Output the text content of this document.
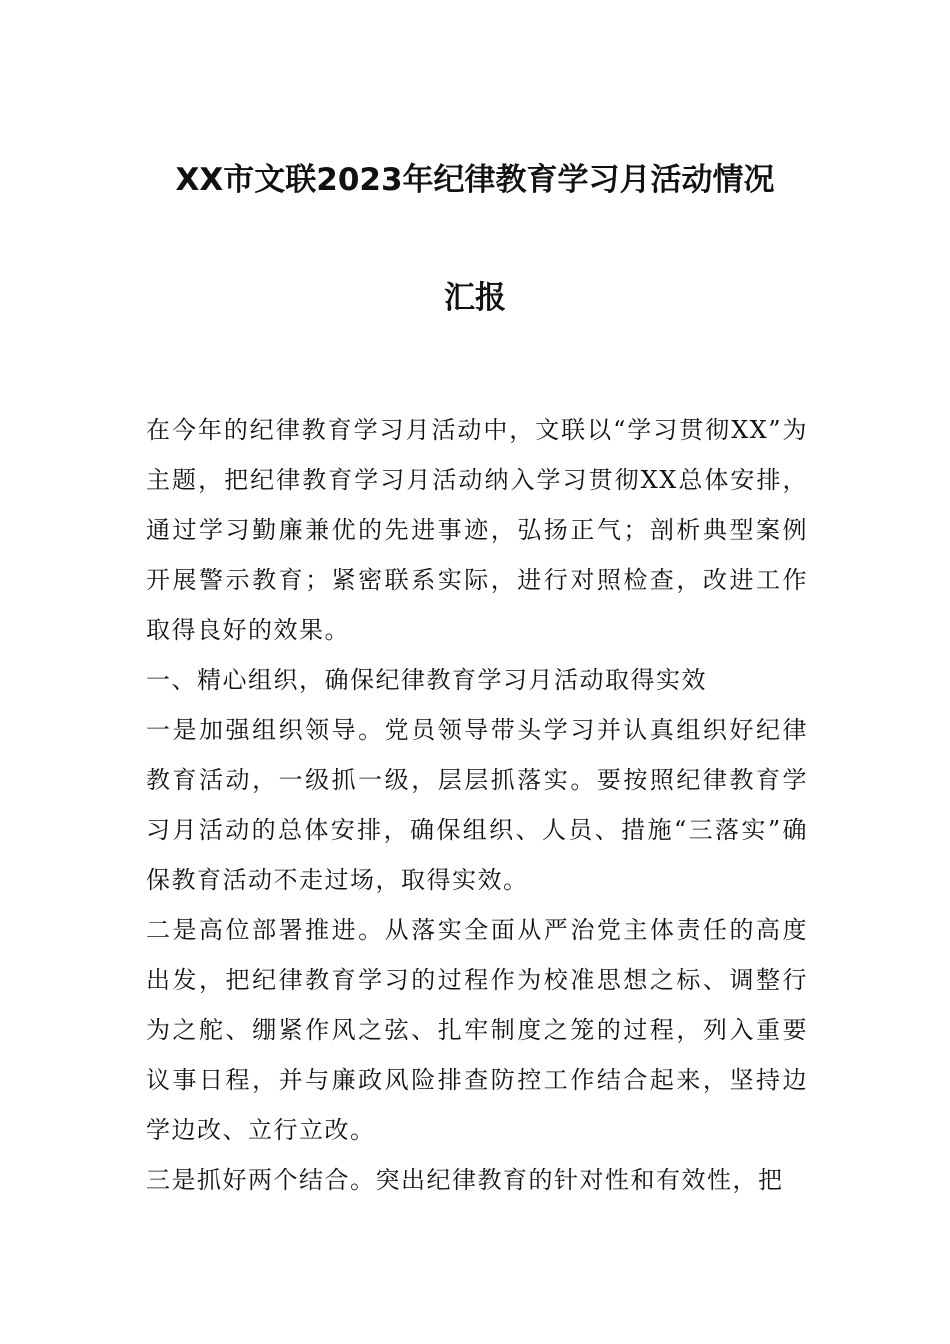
XX市文联2023年纪律教育学习月活动情况
汇报

在今年的纪律教育学习月活动中，文联以“学习贯彻XX”为主题，把纪律教育学习月活动纳入学习贯彻XX总体安排，通过学习勤廉兼优的先进事迹，弘扬正气；剖析典型案例开展警示教育；紧密联系实际，进行对照检查，改进工作取得良好的效果。

一、精心组织，确保纪律教育学习月活动取得实效

一是加强组织领导。党员领导带头学习并认真组织好纪律教育活动，一级抓一级，层层抓落实。要按照纪律教育学习月活动的总体安排，确保组织、人员、措施“三落实”确保教育活动不走过场，取得实效。

二是高位部署推进。从落实全面从严治党主体责任的高度出发，把纪律教育学习的过程作为校准思想之标、调整行为之舵、绷紧作风之弦、扎牢制度之笼的过程，列入重要议事日程，并与廉政风险排查防控工作结合起来，坚持边学边改、立行立改。

三是抓好两个结合。突出纪律教育的针对性和有效性，把
